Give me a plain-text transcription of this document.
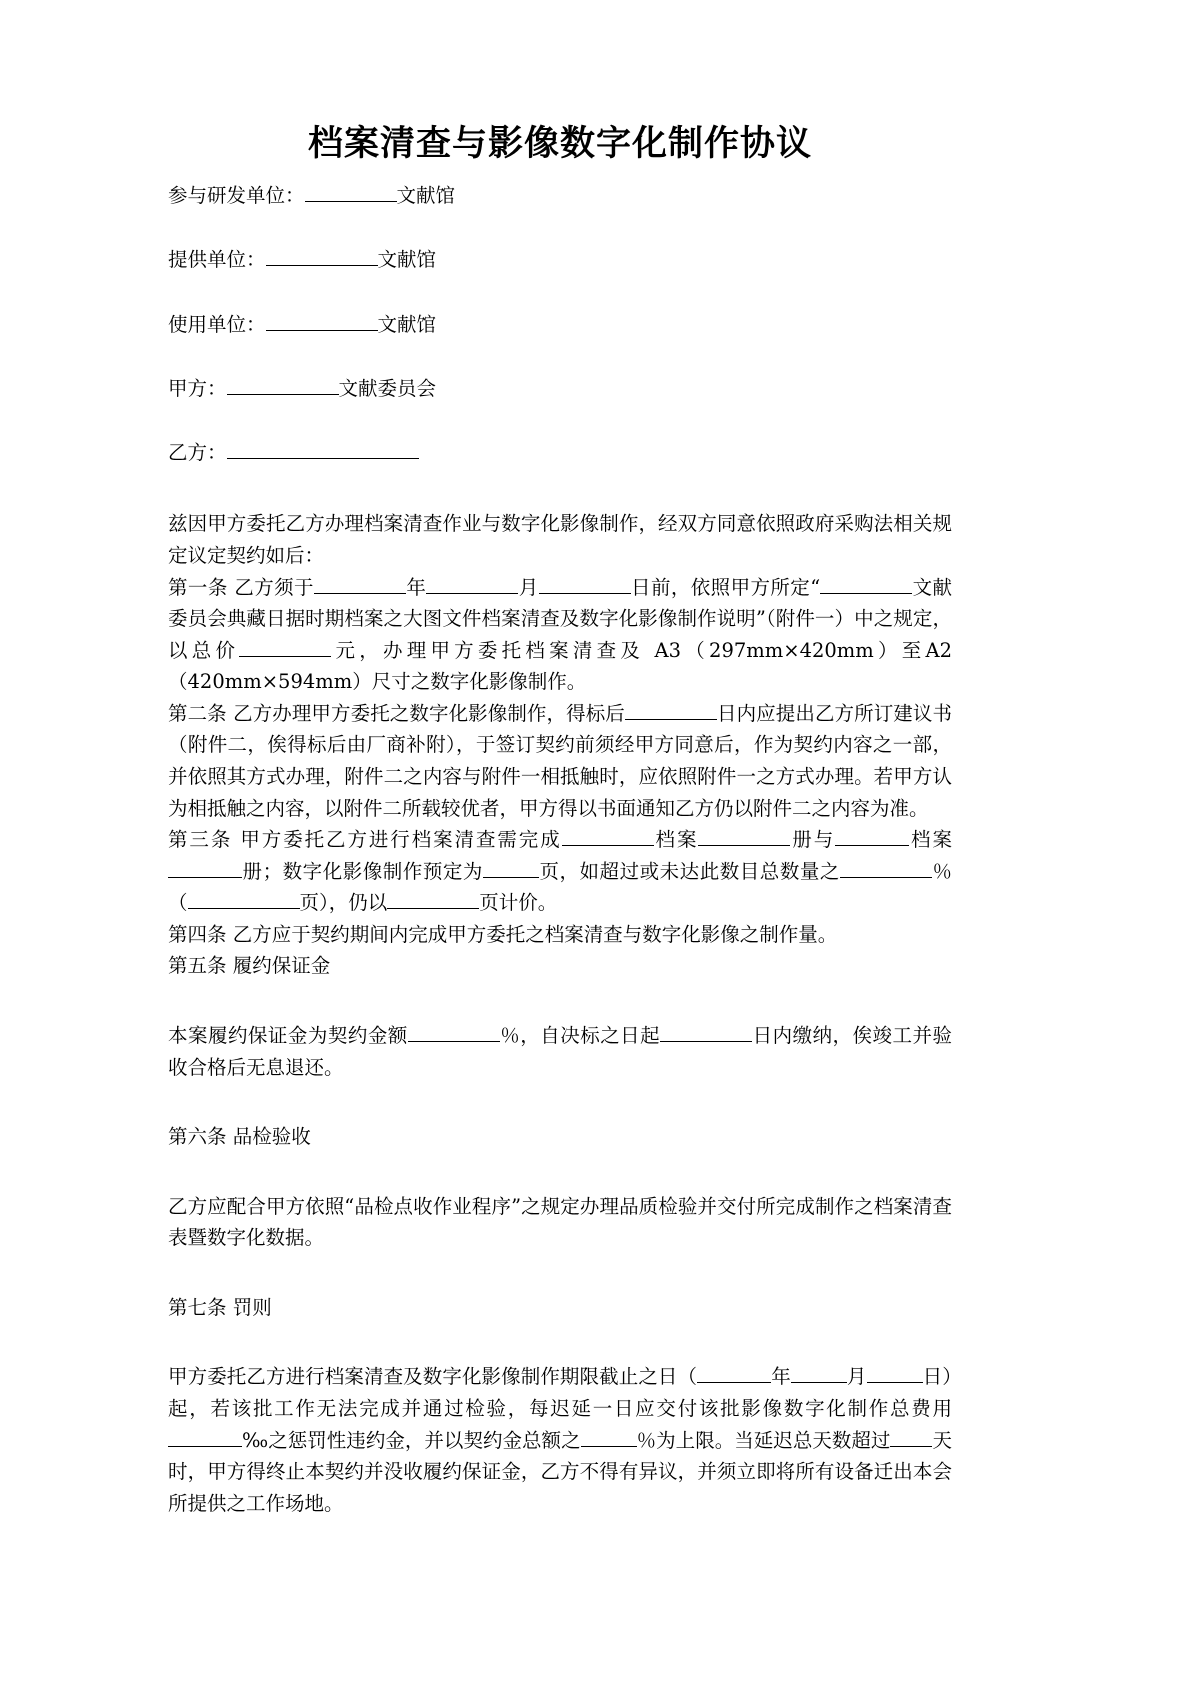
档案清查与影像数字化制作协议

参与研发单位：	文献馆

提供单位：	文献馆

使用单位：	文献馆

甲方：	文献委员会

乙方：

兹因甲方委托乙方办理档案清查作业与数字化影像制作，经双方同意依照政府采购法相关规定议定契约如后：

第一条 乙方须于	年	月	日前，依照甲方所定“	文献委员会典藏日据时期档案之大图文件档案清查及数字化影像制作说明”（附件一）中之规定，以总价	元，办理甲方委托档案清查及 A3（297mm×420mm）至A2（420mm×594mm）尺寸之数字化影像制作。

第二条 乙方办理甲方委托之数字化影像制作，得标后	日内应提出乙方所订建议书（附件二，俟得标后由厂商补附），于签订契约前须经甲方同意后，作为契约内容之一部，并依照其方式办理，附件二之内容与附件一相抵触时，应依照附件一之方式办理。若甲方认为相抵触之内容，以附件二所载较优者，甲方得以书面通知乙方仍以附件二之内容为准。

第三条 甲方委托乙方进行档案清查需完成	档案	册与	档案册；数字化影像制作预定为	页，如超过或未达此数目总数量之	％（	页），仍以	页计价。

第四条 乙方应于契约期间内完成甲方委托之档案清查与数字化影像之制作量。

第五条 履约保证金

本案履约保证金为契约金额	％，自决标之日起	日内缴纳，俟竣工并验收合格后无息退还。

第六条 品检验收

乙方应配合甲方依照“品检点收作业程序”之规定办理品质检验并交付所完成制作之档案清查表暨数字化数据。

第七条 罚则

甲方委托乙方进行档案清查及数字化影像制作期限截止之日（	年	月	日）起，若该批工作无法完成并通过检验，每迟延一日应交付该批影像数字化制作总费用‰之惩罚性违约金，并以契约金总额之	％为上限。当延迟总天数超过 天时，甲方得终止本契约并没收履约保证金，乙方不得有异议，并须立即将所有设备迁出本会所提供之工作场地。
